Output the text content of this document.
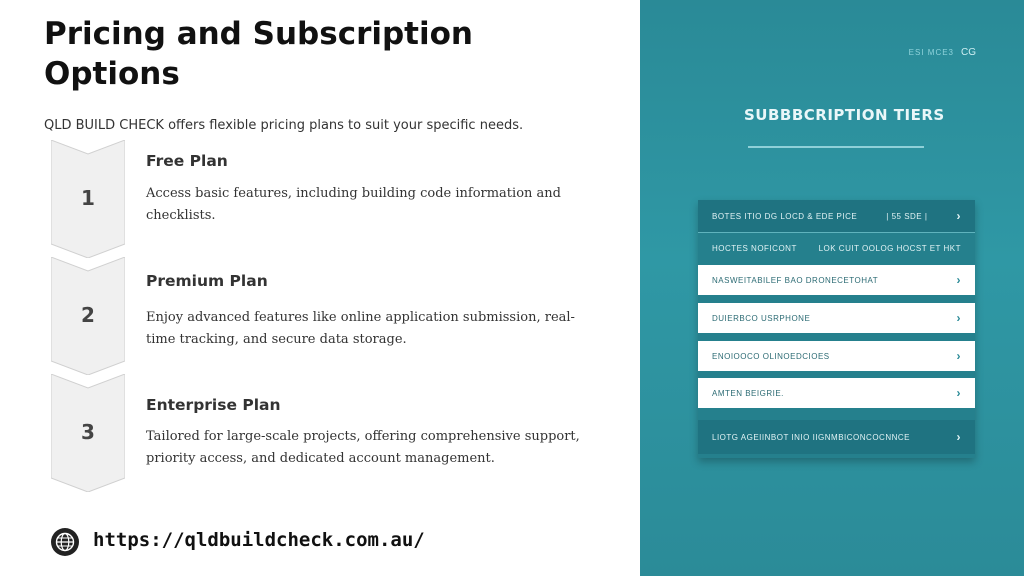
Pricing and Subscription Options
QLD BUILD CHECK offers flexible pricing plans to suit your specific needs.
1
Free Plan
Access basic features, including building code information and checklists.
2
Premium Plan
Enjoy advanced features like online application submission, real-time tracking, and secure data storage.
3
Enterprise Plan
Tailored for large-scale projects, offering comprehensive support, priority access, and dedicated account management.
https://qldbuildcheck.com.au/
ESI MCE3 CG
SUBBBCRIPTION TIERS
BOTES ITIO DG LOCD & EDE PICE	| 55 SDE | ›
HOCTES NOFICONT	LOK CUIT OOLOG HOCST ET HKT
NASWEITABILEF BAO DRONECETOHAT	›
DUIERBCO USRPHONE	›
ENOIOOCO OLINOEDCIOES	›
AMTEN BEIGRIE.	›
LIOTG AGEIINBOT INIO IIGNMBICONCOCNNCE	›
